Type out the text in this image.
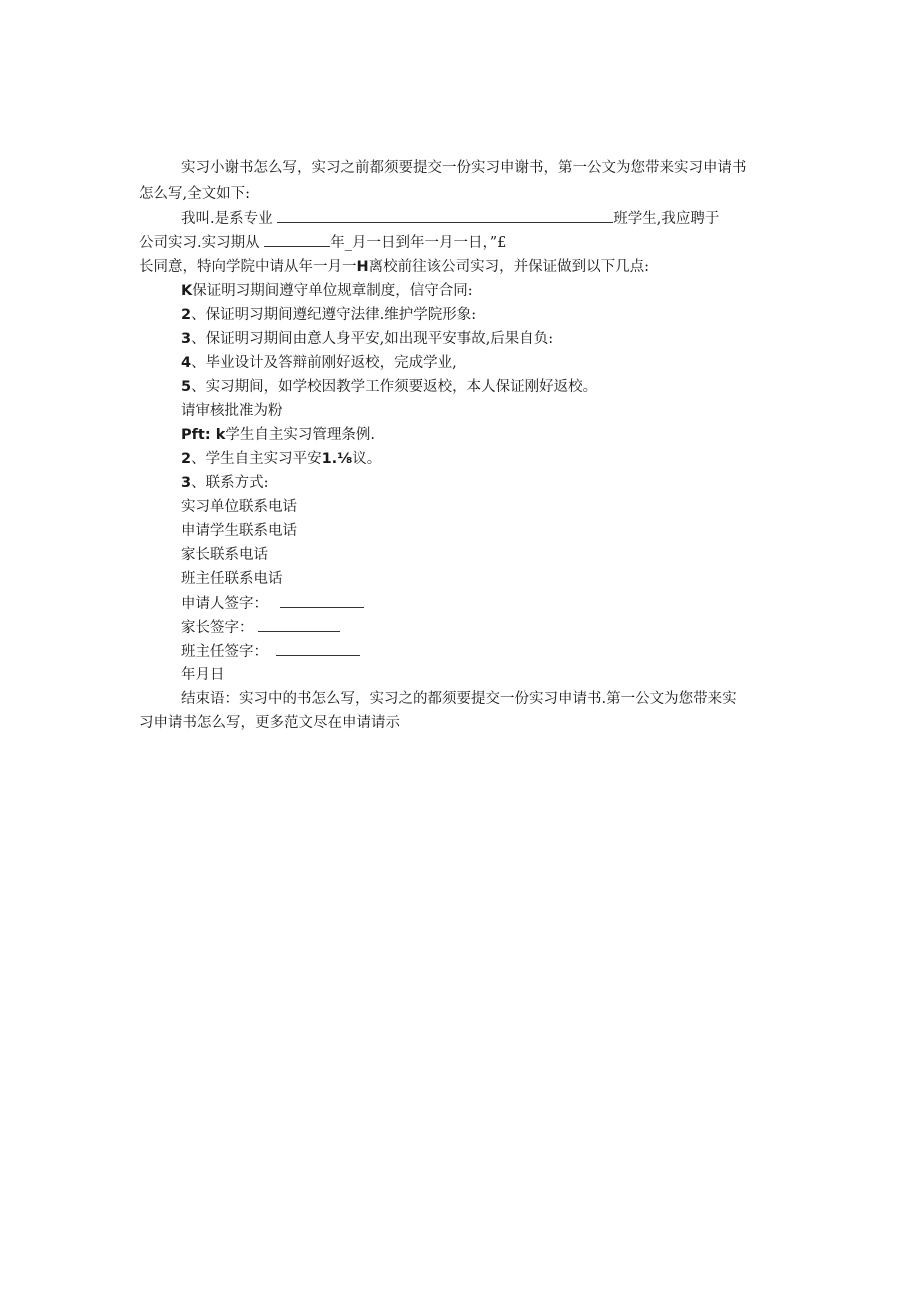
实习小谢书怎么写，实习之前都须要提交一份实习申谢书，第一公文为您带来实习申请书
怎么写,全文如下:
我叫.是系专业	班学生,我应聘于
公司实习.实习期从	年_月一日到年一月一日，”£
长同意，特向学院中请从年一月一H离校前往该公司实习，并保证做到以下几点:
K保证明习期间遵守单位规章制度，信守合同:
2、保证明习期间遵纪遵守法律.维护学院形象:
3、保证明习期间由意人身平安,如出现平安事故,后果自负:
4、毕业设计及答辩前刚好返校，完成学业,
5、实习期间，如学校因教学工作须要返校，本人保证刚好返校。
请审核批准为粉
Pft: k学生自主实习管理条例.
2、学生自主实习平安1.⅛议。
3、联系方式:
实习单位联系电话
申请学生联系电话
家长联系电话
班主任联系电话
申请人签字：
家长签字：
班主任签字：
年月日
结束语：实习中的书怎么写，实习之的都须要提交一份实习申请书.第一公文为您带来实
习申请书怎么写，更多范文尽在申请请示
